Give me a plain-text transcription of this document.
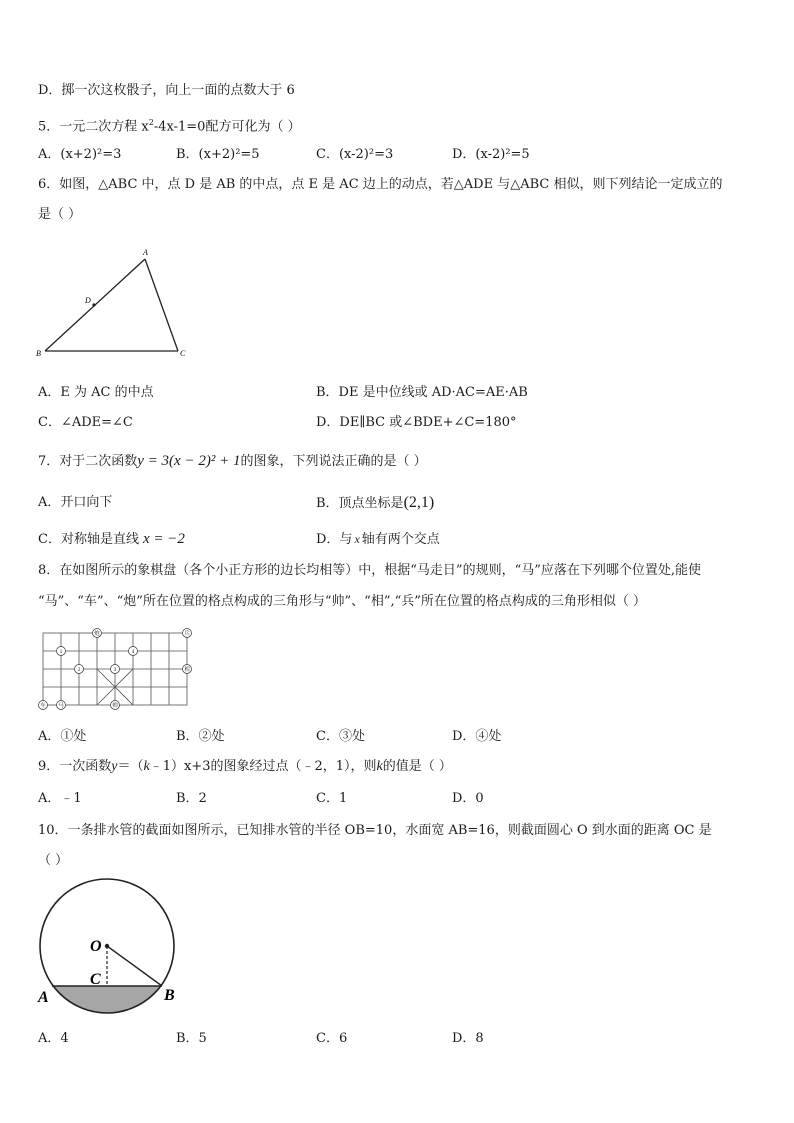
D．掷一次这枚骰子，向上一面的点数大于 6
5．一元二次方程 $x^2-4x-1=0$配方可化为（ ）
A．(x+2)²=3	B．(x+2)²=5	C．(x-2)²=3	D．(x-2)²=5
6．如图，△ABC 中，点 D 是 AB 的中点，点 E 是 AC 边上的动点，若△ADE 与△ABC 相似，则下列结论一定成立的
是（ ）
A
B	C
D
A．E 为 AC 的中点	B．DE 是中位线或 AD·AC=AE·AB
C．∠ADE=∠C	D．DE∥BC 或∠BDE+∠C=180°
7．对于二次函数y = 3(x − 2)² + 1的图象，下列说法正确的是（ ）
A．开口向下	B．顶点坐标是(2,1)
C．对称轴是直线 x = −2	D．与 x 轴有两个交点
8．在如图所示的象棋盘（各个小正方形的边长均相等）中，根据“马走日”的规则，“马”应落在下列哪个位置处,能使
“马”、“车”、“炮”所在位置的格点构成的三角形与“帅”、“相”,“兵”所在位置的格点构成的三角形相似（ ）
炮	兵
相
车 马	帅
1
2	3
4
A．①处	B．②处	C．③处	D．④处
9．一次函数y＝（k﹣1）x+3的图象经过点（﹣2，1），则k的值是（ ）
A．﹣1	B．2	C．1	D．0
10．一条排水管的截面如图所示，已知排水管的半径 OB=10，水面宽 AB=16，则截面圆心 O 到水面的距离 OC 是
（ ）
O
C
A	B
A．4	B．5	C．6	D．8
